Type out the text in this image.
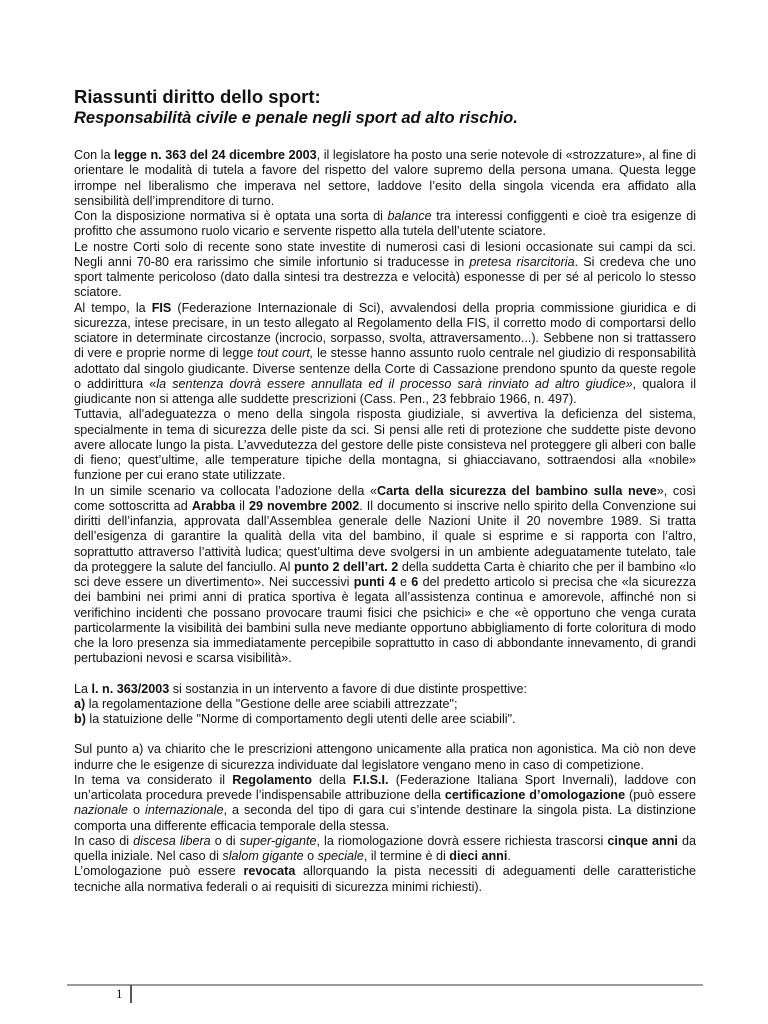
Riassunti diritto dello sport:
Responsabilità civile e penale negli sport ad alto rischio.

Con la legge n. 363 del 24 dicembre 2003, il legislatore ha posto una serie notevole di «strozzature», al fine di orientare le modalità di tutela a favore del rispetto del valore supremo della persona umana. Questa legge irrompe nel liberalismo che imperava nel settore, laddove l’esito della singola vicenda era affidato alla sensibilità dell’imprenditore di turno.

Con la disposizione normativa si è optata una sorta di balance tra interessi configgenti e cioè tra esigenze di profitto che assumono ruolo vicario e servente rispetto alla tutela dell’utente sciatore.

Le nostre Corti solo di recente sono state investite di numerosi casi di lesioni occasionate sui campi da sci. Negli anni 70-80 era rarissimo che simile infortunio si traducesse in pretesa risarcitoria. Si credeva che uno sport talmente pericoloso (dato dalla sintesi tra destrezza e velocità) esponesse di per sé al pericolo lo stesso sciatore.

Al tempo, la FIS (Federazione Internazionale di Sci), avvalendosi della propria commissione giuridica e di sicurezza, intese precisare, in un testo allegato al Regolamento della FIS, il corretto modo di comportarsi dello sciatore in determinate circostanze (incrocio, sorpasso, svolta, attraversamento...). Sebbene non si trattassero di vere e proprie norme di legge tout court, le stesse hanno assunto ruolo centrale nel giudizio di responsabilità adottato dal singolo giudicante. Diverse sentenze della Corte di Cassazione prendono spunto da queste regole o addirittura «la sentenza dovrà essere annullata ed il processo sarà rinviato ad altro giudice», qualora il giudicante non si attenga alle suddette prescrizioni (Cass. Pen., 23 febbraio 1966, n. 497).

Tuttavia, all’adeguatezza o meno della singola risposta giudiziale, si avvertiva la deficienza del sistema, specialmente in tema di sicurezza delle piste da sci. Si pensi alle reti di protezione che suddette piste devono avere allocate lungo la pista. L’avvedutezza del gestore delle piste consisteva nel proteggere gli alberi con balle di fieno; quest’ultime, alle temperature tipiche della montagna, si ghiacciavano, sottraendosi alla «nobile» funzione per cui erano state utilizzate.

In un simile scenario va collocata l’adozione della «Carta della sicurezza del bambino sulla neve», così come sottoscritta ad Arabba il 29 novembre 2002. Il documento si inscrive nello spirito della Convenzione sui diritti dell’infanzia, approvata dall’Assemblea generale delle Nazioni Unite il 20 novembre 1989. Si tratta dell’esigenza di garantire la qualità della vita del bambino, il quale si esprime e si rapporta con l’altro, soprattutto attraverso l’attività ludica; quest’ultima deve svolgersi in un ambiente adeguatamente tutelato, tale da proteggere la salute del fanciullo. Al punto 2 dell’art. 2 della suddetta Carta è chiarito che per il bambino «lo sci deve essere un divertimento». Nei successivi punti 4 e 6 del predetto articolo si precisa che «la sicurezza dei bambini nei primi anni di pratica sportiva è legata all’assistenza continua e amorevole, affinché non si verifichino incidenti che possano provocare traumi fisici che psichici» e che «è opportuno che venga curata particolarmente la visibilità dei bambini sulla neve mediante opportuno abbigliamento di forte coloritura di modo che la loro presenza sia immediatamente percepibile soprattutto in caso di abbondante innevamento, di grandi pertubazioni nevosi e scarsa visibilità».

La l. n. 363/2003 si sostanzia in un intervento a favore di due distinte prospettive:

a) la regolamentazione della "Gestione delle aree sciabili attrezzate";

b) la statuizione delle "Norme di comportamento degli utenti delle aree sciabili".

Sul punto a) va chiarito che le prescrizioni attengono unicamente alla pratica non agonistica. Ma ciò non deve indurre che le esigenze di sicurezza individuate dal legislatore vengano meno in caso di competizione.

In tema va considerato il Regolamento della F.I.S.I. (Federazione Italiana Sport Invernali), laddove con un’articolata procedura prevede l’indispensabile attribuzione della certificazione d’omologazione (può essere nazionale o internazionale, a seconda del tipo di gara cui s’intende destinare la singola pista. La distinzione comporta una differente efficacia temporale della stessa.

In caso di discesa libera o di super-gigante, la riomologazione dovrà essere richiesta trascorsi cinque anni da quella iniziale. Nel caso di slalom gigante o speciale, il termine è di dieci anni.

L’omologazione può essere revocata allorquando la pista necessiti di adeguamenti delle caratteristiche tecniche alla normativa federali o ai requisiti di sicurezza minimi richiesti).

1
